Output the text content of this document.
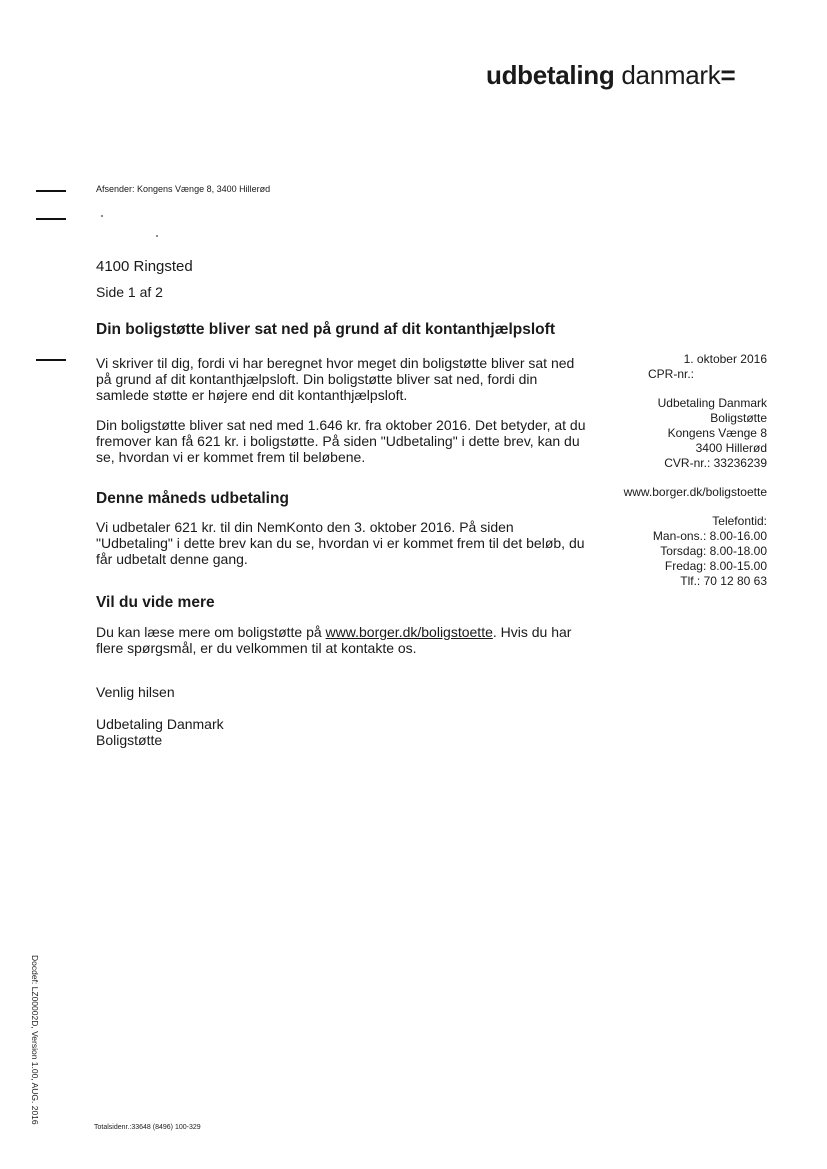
udbetaling danmark=
Afsender: Kongens Vænge 8, 3400 Hillerød
4100 Ringsted
Side 1 af 2
Din boligstøtte bliver sat ned på grund af dit kontanthjælpsloft
Vi skriver til dig, fordi vi har beregnet hvor meget din boligstøtte bliver sat ned på grund af dit kontanthjælpsloft. Din boligstøtte bliver sat ned, fordi din samlede støtte er højere end dit kontanthjælpsloft.
Din boligstøtte bliver sat ned med 1.646 kr. fra oktober 2016. Det betyder, at du fremover kan få 621 kr. i boligstøtte. På siden "Udbetaling" i dette brev, kan du se, hvordan vi er kommet frem til beløbene.
Denne måneds udbetaling
Vi udbetaler 621 kr. til din NemKonto den 3. oktober 2016. På siden "Udbetaling" i dette brev kan du se, hvordan vi er kommet frem til det beløb, du får udbetalt denne gang.
Vil du vide mere
Du kan læse mere om boligstøtte på www.borger.dk/boligstoette. Hvis du har flere spørgsmål, er du velkommen til at kontakte os.
Venlig hilsen
Udbetaling Danmark
Boligstøtte
1. oktober 2016
CPR-nr.:
Udbetaling Danmark
Boligstøtte
Kongens Vænge 8
3400 Hillerød
CVR-nr.: 33236239
www.borger.dk/boligstoette
Telefontid:
Man-ons.: 8.00-16.00
Torsdag: 8.00-18.00
Fredag: 8.00-15.00
Tlf.: 70 12 80 63
Docdef: LZ00002D, Version 1.00, AUG. 2016
Totalsidenr.:33648 (8496) 100-329
